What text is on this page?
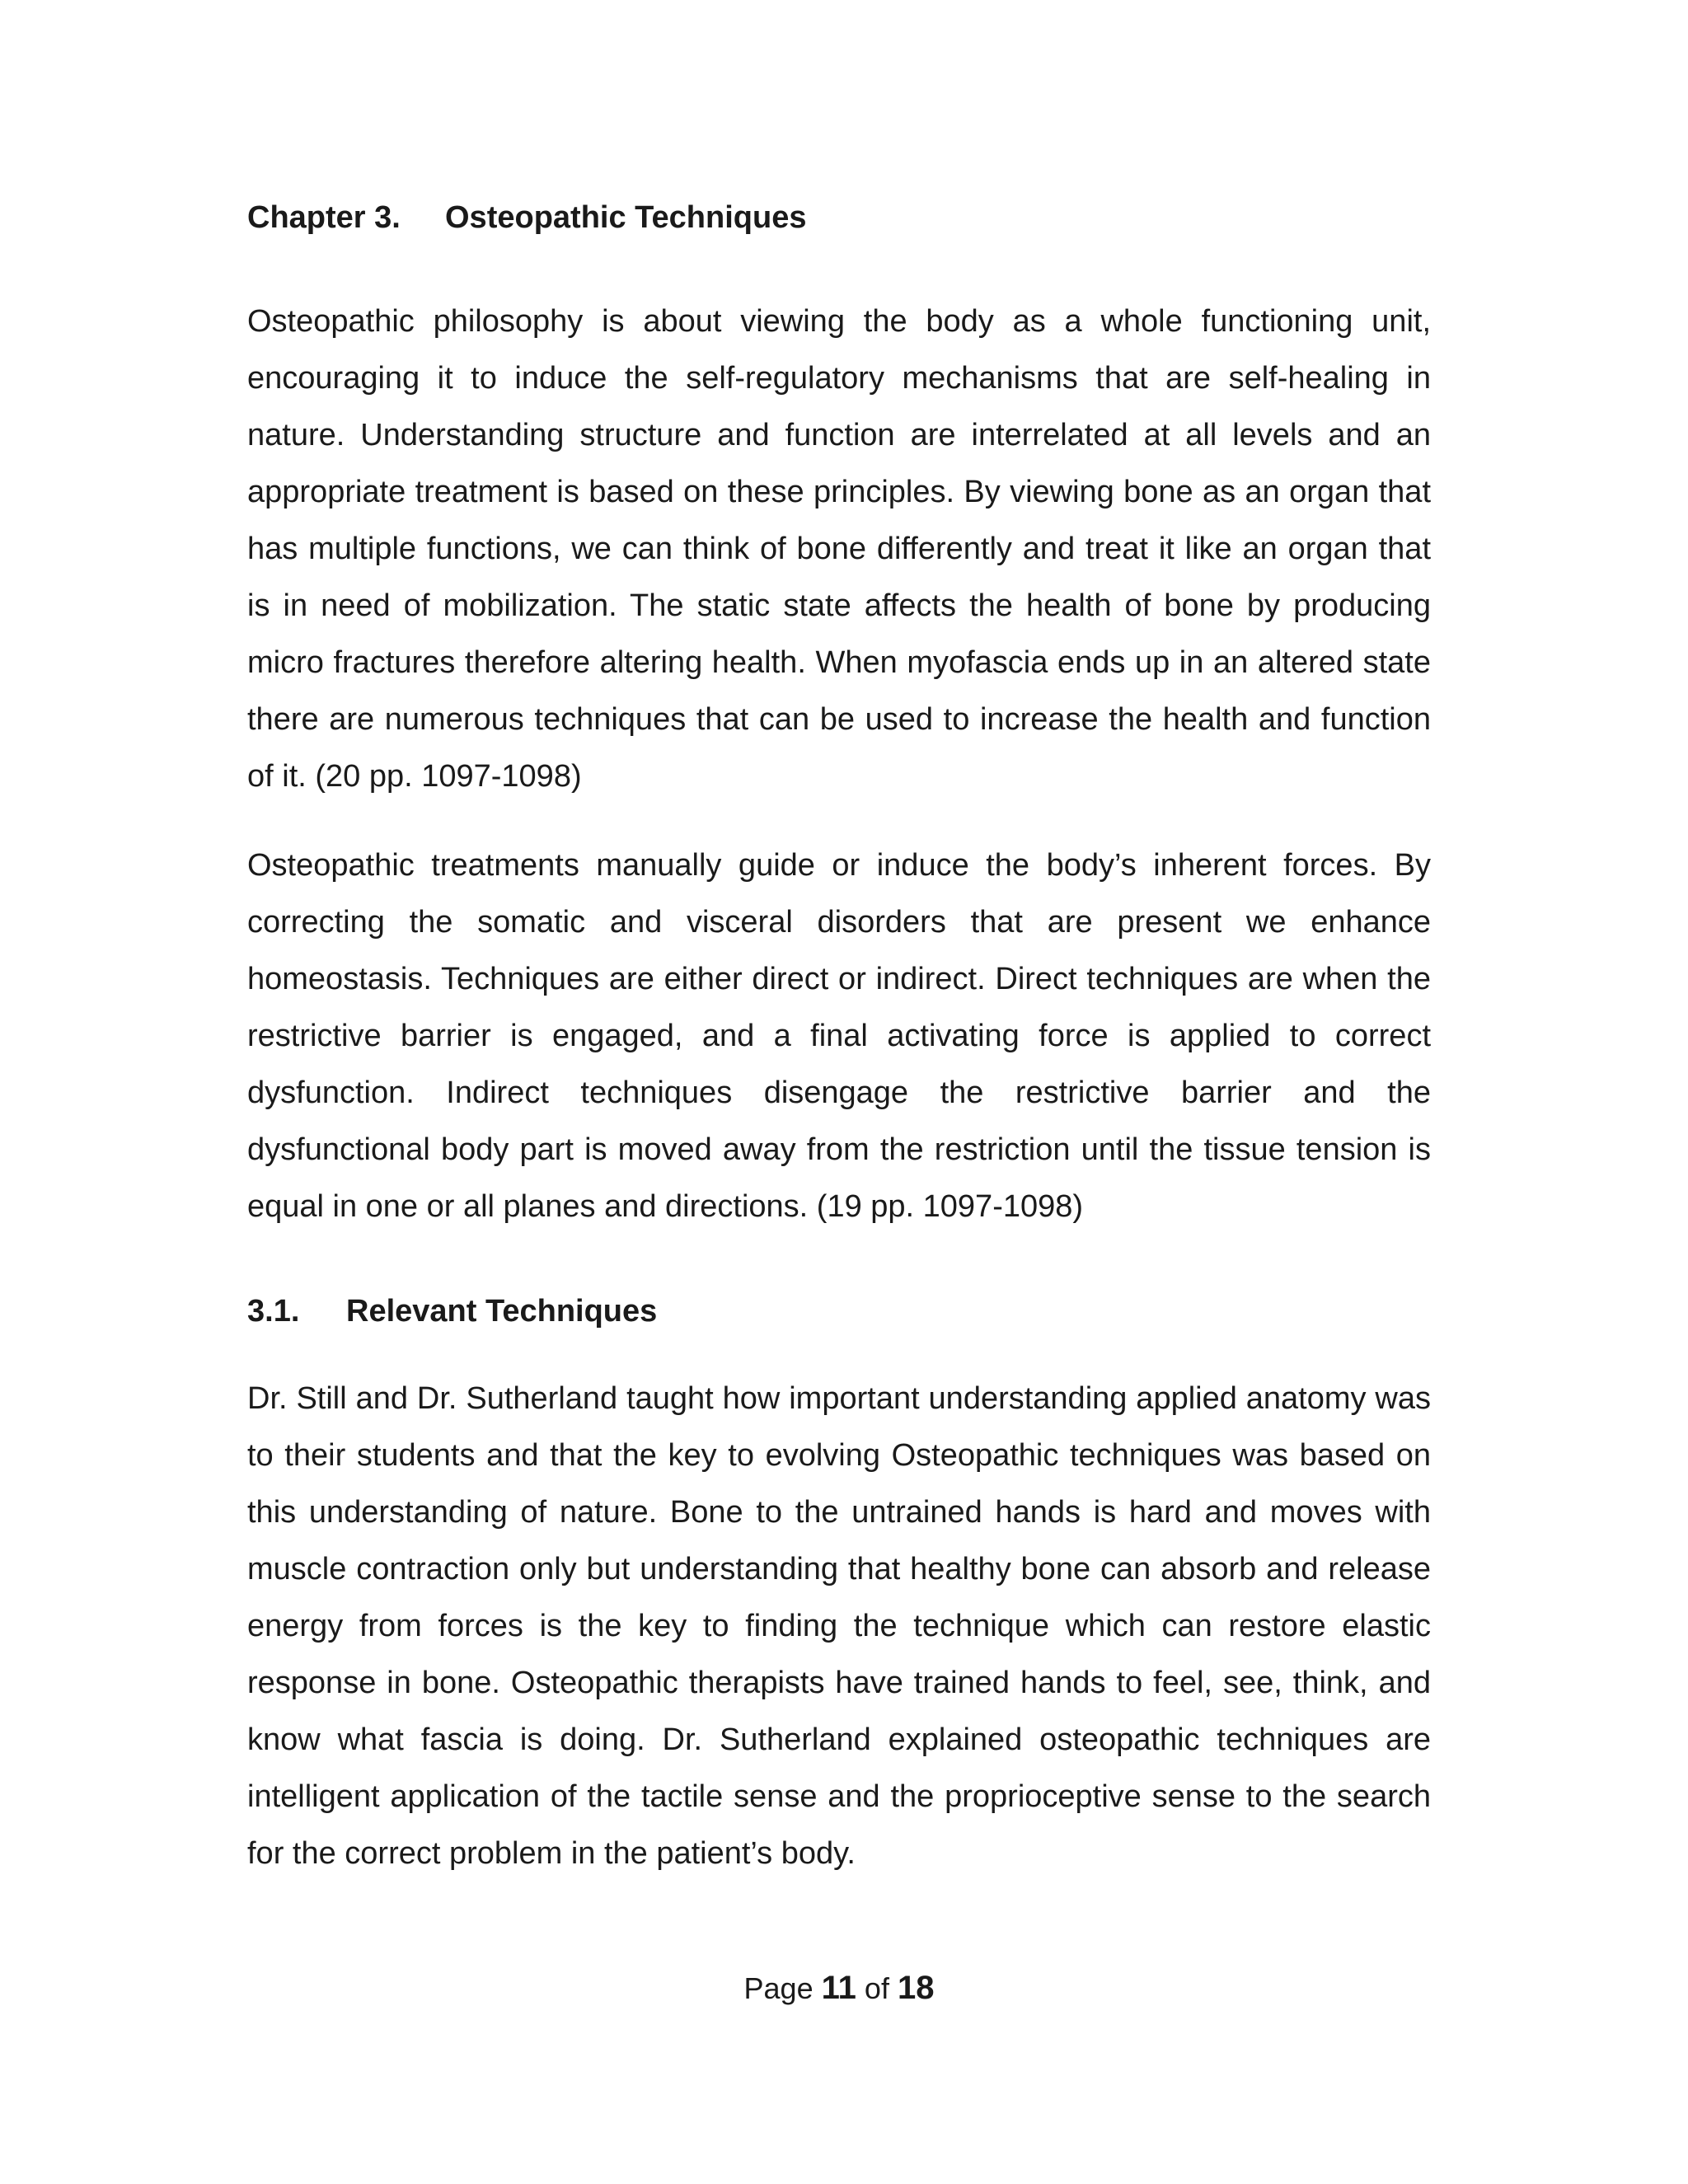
Chapter 3. Osteopathic Techniques

Osteopathic philosophy is about viewing the body as a whole functioning unit, encouraging it to induce the self-regulatory mechanisms that are self-healing in nature. Understanding structure and function are interrelated at all levels and an appropriate treatment is based on these principles. By viewing bone as an organ that has multiple functions, we can think of bone differently and treat it like an organ that is in need of mobilization. The static state affects the health of bone by producing micro fractures therefore altering health. When myofascia ends up in an altered state there are numerous techniques that can be used to increase the health and function of it. (20 pp. 1097-1098)

Osteopathic treatments manually guide or induce the body’s inherent forces. By correcting the somatic and visceral disorders that are present we enhance homeostasis. Techniques are either direct or indirect. Direct techniques are when the restrictive barrier is engaged, and a final activating force is applied to correct dysfunction. Indirect techniques disengage the restrictive barrier and the dysfunctional body part is moved away from the restriction until the tissue tension is equal in one or all planes and directions. (19 pp. 1097-1098)

3.1. Relevant Techniques

Dr. Still and Dr. Sutherland taught how important understanding applied anatomy was to their students and that the key to evolving Osteopathic techniques was based on this understanding of nature. Bone to the untrained hands is hard and moves with muscle contraction only but understanding that healthy bone can absorb and release energy from forces is the key to finding the technique which can restore elastic response in bone. Osteopathic therapists have trained hands to feel, see, think, and know what fascia is doing. Dr. Sutherland explained osteopathic techniques are intelligent application of the tactile sense and the proprioceptive sense to the search for the correct problem in the patient’s body.

Page 11 of 18
